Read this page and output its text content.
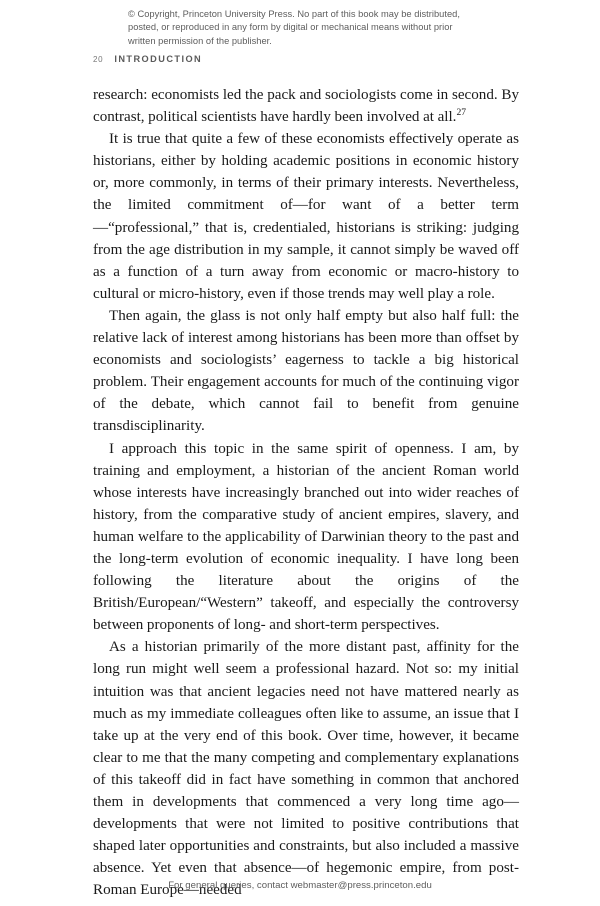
© Copyright, Princeton University Press. No part of this book may be distributed, posted, or reproduced in any form by digital or mechanical means without prior written permission of the publisher.
20 INTRODUCTION

research: economists led the pack and sociologists come in second. By contrast, political scientists have hardly been involved at all.$^{27}$

It is true that quite a few of these economists effectively operate as historians, either by holding academic positions in economic history or, more commonly, in terms of their primary interests. Nevertheless, the limited commitment of—for want of a better term—“professional,” that is, credentialed, historians is striking: judging from the age distribution in my sample, it cannot simply be waved off as a function of a turn away from economic or macro-history to cultural or micro-history, even if those trends may well play a role.

Then again, the glass is not only half empty but also half full: the relative lack of interest among historians has been more than offset by economists and sociologists’ eagerness to tackle a big historical problem. Their engagement accounts for much of the continuing vigor of the debate, which cannot fail to benefit from genuine transdisciplinarity.

I approach this topic in the same spirit of openness. I am, by training and employment, a historian of the ancient Roman world whose interests have increasingly branched out into wider reaches of history, from the comparative study of ancient empires, slavery, and human welfare to the applicability of Darwinian theory to the past and the long-term evolution of economic inequality. I have long been following the literature about the origins of the British/European/“Western” takeoff, and especially the controversy between proponents of long- and short-term perspectives.

As a historian primarily of the more distant past, affinity for the long run might well seem a professional hazard. Not so: my initial intuition was that ancient legacies need not have mattered nearly as much as my immediate colleagues often like to assume, an issue that I take up at the very end of this book. Over time, however, it became clear to me that the many competing and complementary explanations of this takeoff did in fact have something in common that anchored them in developments that commenced a very long time ago—developments that were not limited to positive contributions that shaped later opportunities and constraints, but also included a massive absence. Yet even that absence—of hegemonic empire, from post-Roman Europe—needed

For general queries, contact webmaster@press.princeton.edu
